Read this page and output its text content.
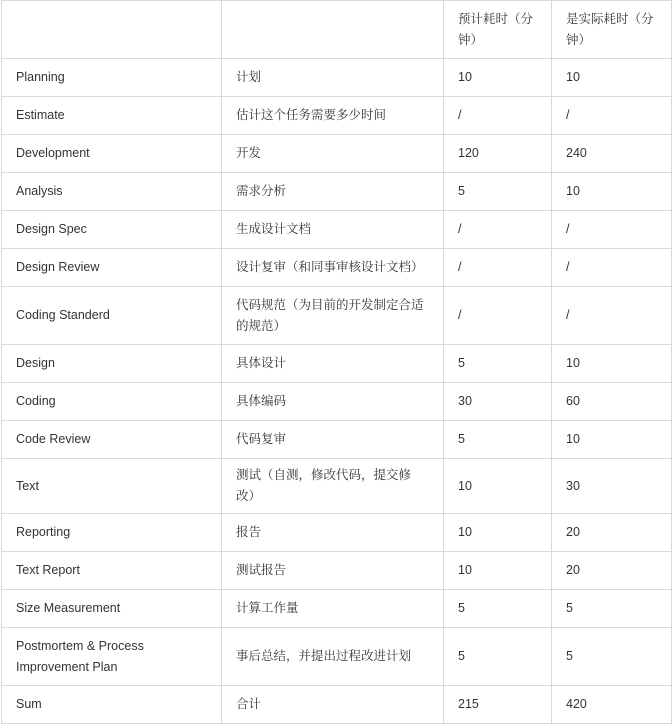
		预计耗时（分钟）	是实际耗时（分钟）
Planning	计划	10	10
Estimate	估计这个任务需要多少时间	/	/
Development	开发	120	240
Analysis	需求分析	5	10
Design Spec	生成设计文档	/	/
Design Review	设计复审（和同事审核设计文档）	/	/
Coding Standerd	代码规范（为目前的开发制定合适的规范）	/	/
Design	具体设计	5	10
Coding	具体编码	30	60
Code Review	代码复审	5	10
Text	测试（自测，修改代码，提交修改）	10	30
Reporting	报告	10	20
Text Report	测试报告	10	20
Size Measurement	计算工作量	5	5
Postmortem & Process Improvement Plan	事后总结，并提出过程改进计划	5	5
Sum	合计	215	420
